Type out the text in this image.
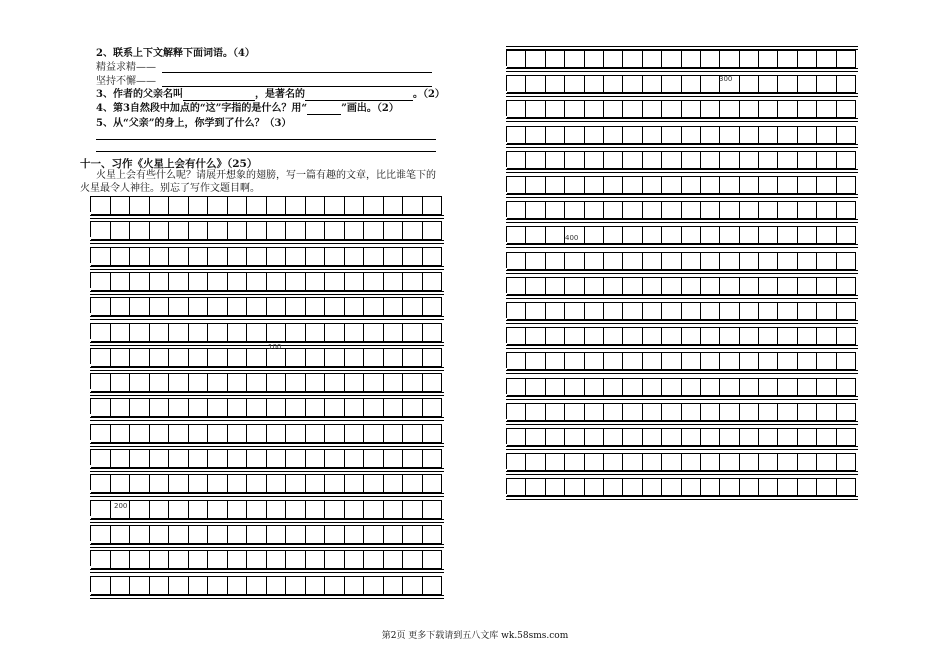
2、联系上下文解释下面词语。（4）
精益求精——
坚持不懈——
3、作者的父亲名叫	，是著名的	。（2）
4、第3自然段中加点的“这”字指的是什么？用“	”画出。（2）
5、从“父亲”的身上，你学到了什么？（3）
十一、习作《火星上会有什么》（25）
火星上会有些什么呢？请展开想象的翅膀，写一篇有趣的文章，比比谁笔下的
火星最令人神往。别忘了写作文题目啊。
100
200
300
400
第2页 更多下载请到五八文库 wk.58sms.com
